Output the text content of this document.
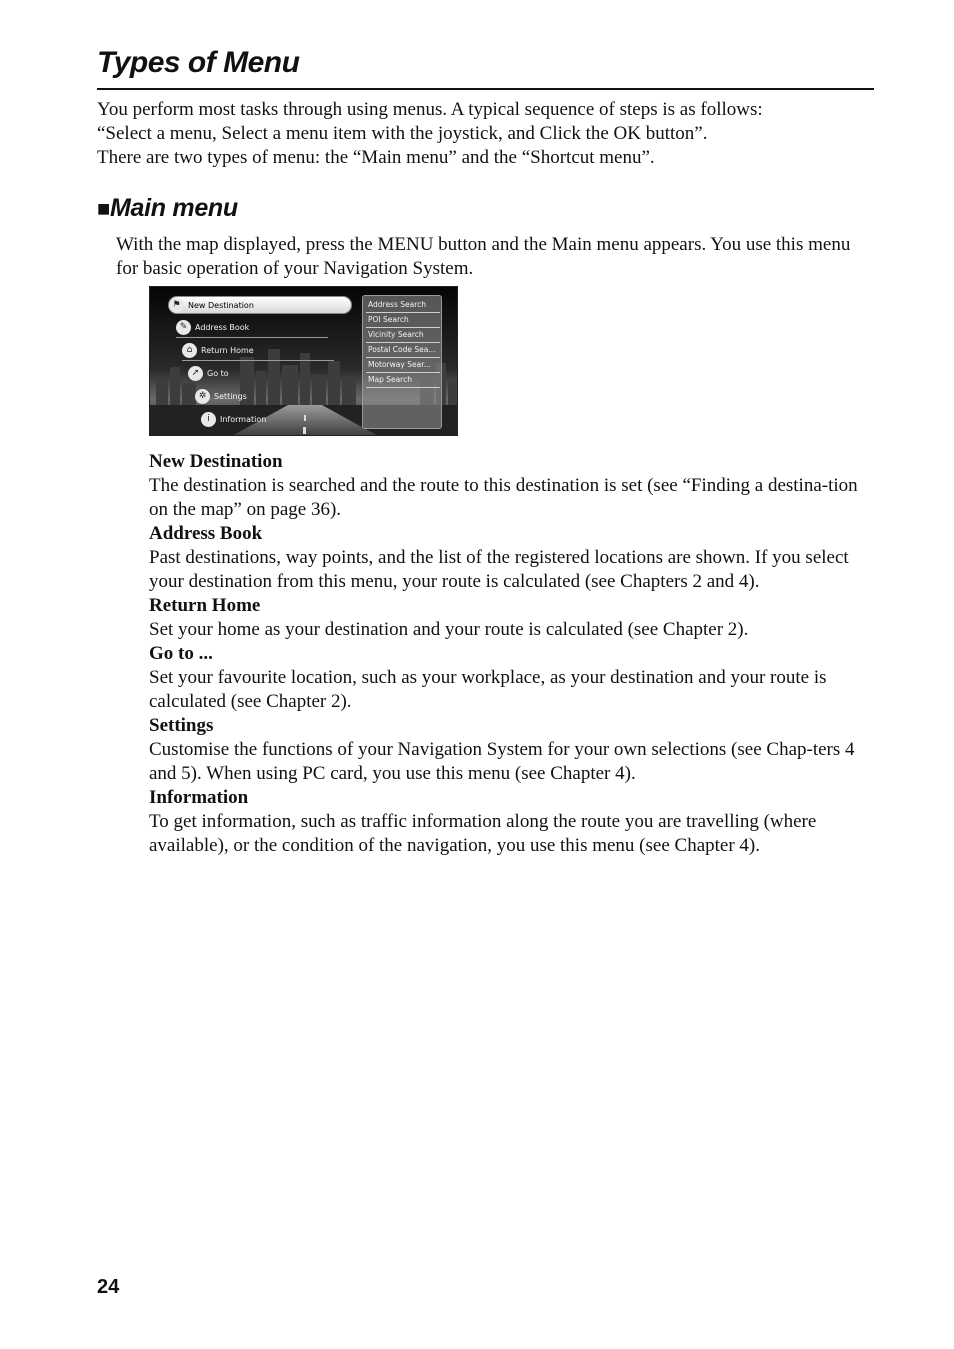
Types of Menu

You perform most tasks through using menus. A typical sequence of steps is as follows:

“Select a menu, Select a menu item with the joystick, and Click the OK button”.

There are two types of menu: the “Main menu” and the “Shortcut menu”.

■Main menu

With the map displayed, press the MENU button and the Main menu appears. You use this menu for basic operation of your Navigation System.

⚑ New Destination
✎ Address Book
⌂	Return Home
➚ Go to
✲ Settings
i	Information
Address Search
POI Search
Vicinity Search
Postal Code Sea...
Motorway Sear...
Map Search

New Destination

The destination is searched and the route to this destination is set (see “Finding a destina-tion on the map” on page 36).

Address Book

Past destinations, way points, and the list of the registered locations are shown. If you select your destination from this menu, your route is calculated (see Chapters 2 and 4).

Return Home

Set your home as your destination and your route is calculated (see Chapter 2).

Go to ...

Set your favourite location, such as your workplace, as your destination and your route is calculated (see Chapter 2).

Settings

Customise the functions of your Navigation System for your own selections (see Chap-ters 4 and 5). When using PC card, you use this menu (see Chapter 4).

Information

To get information, such as traffic information along the route you are travelling (where available), or the condition of the navigation, you use this menu (see Chapter 4).

24
